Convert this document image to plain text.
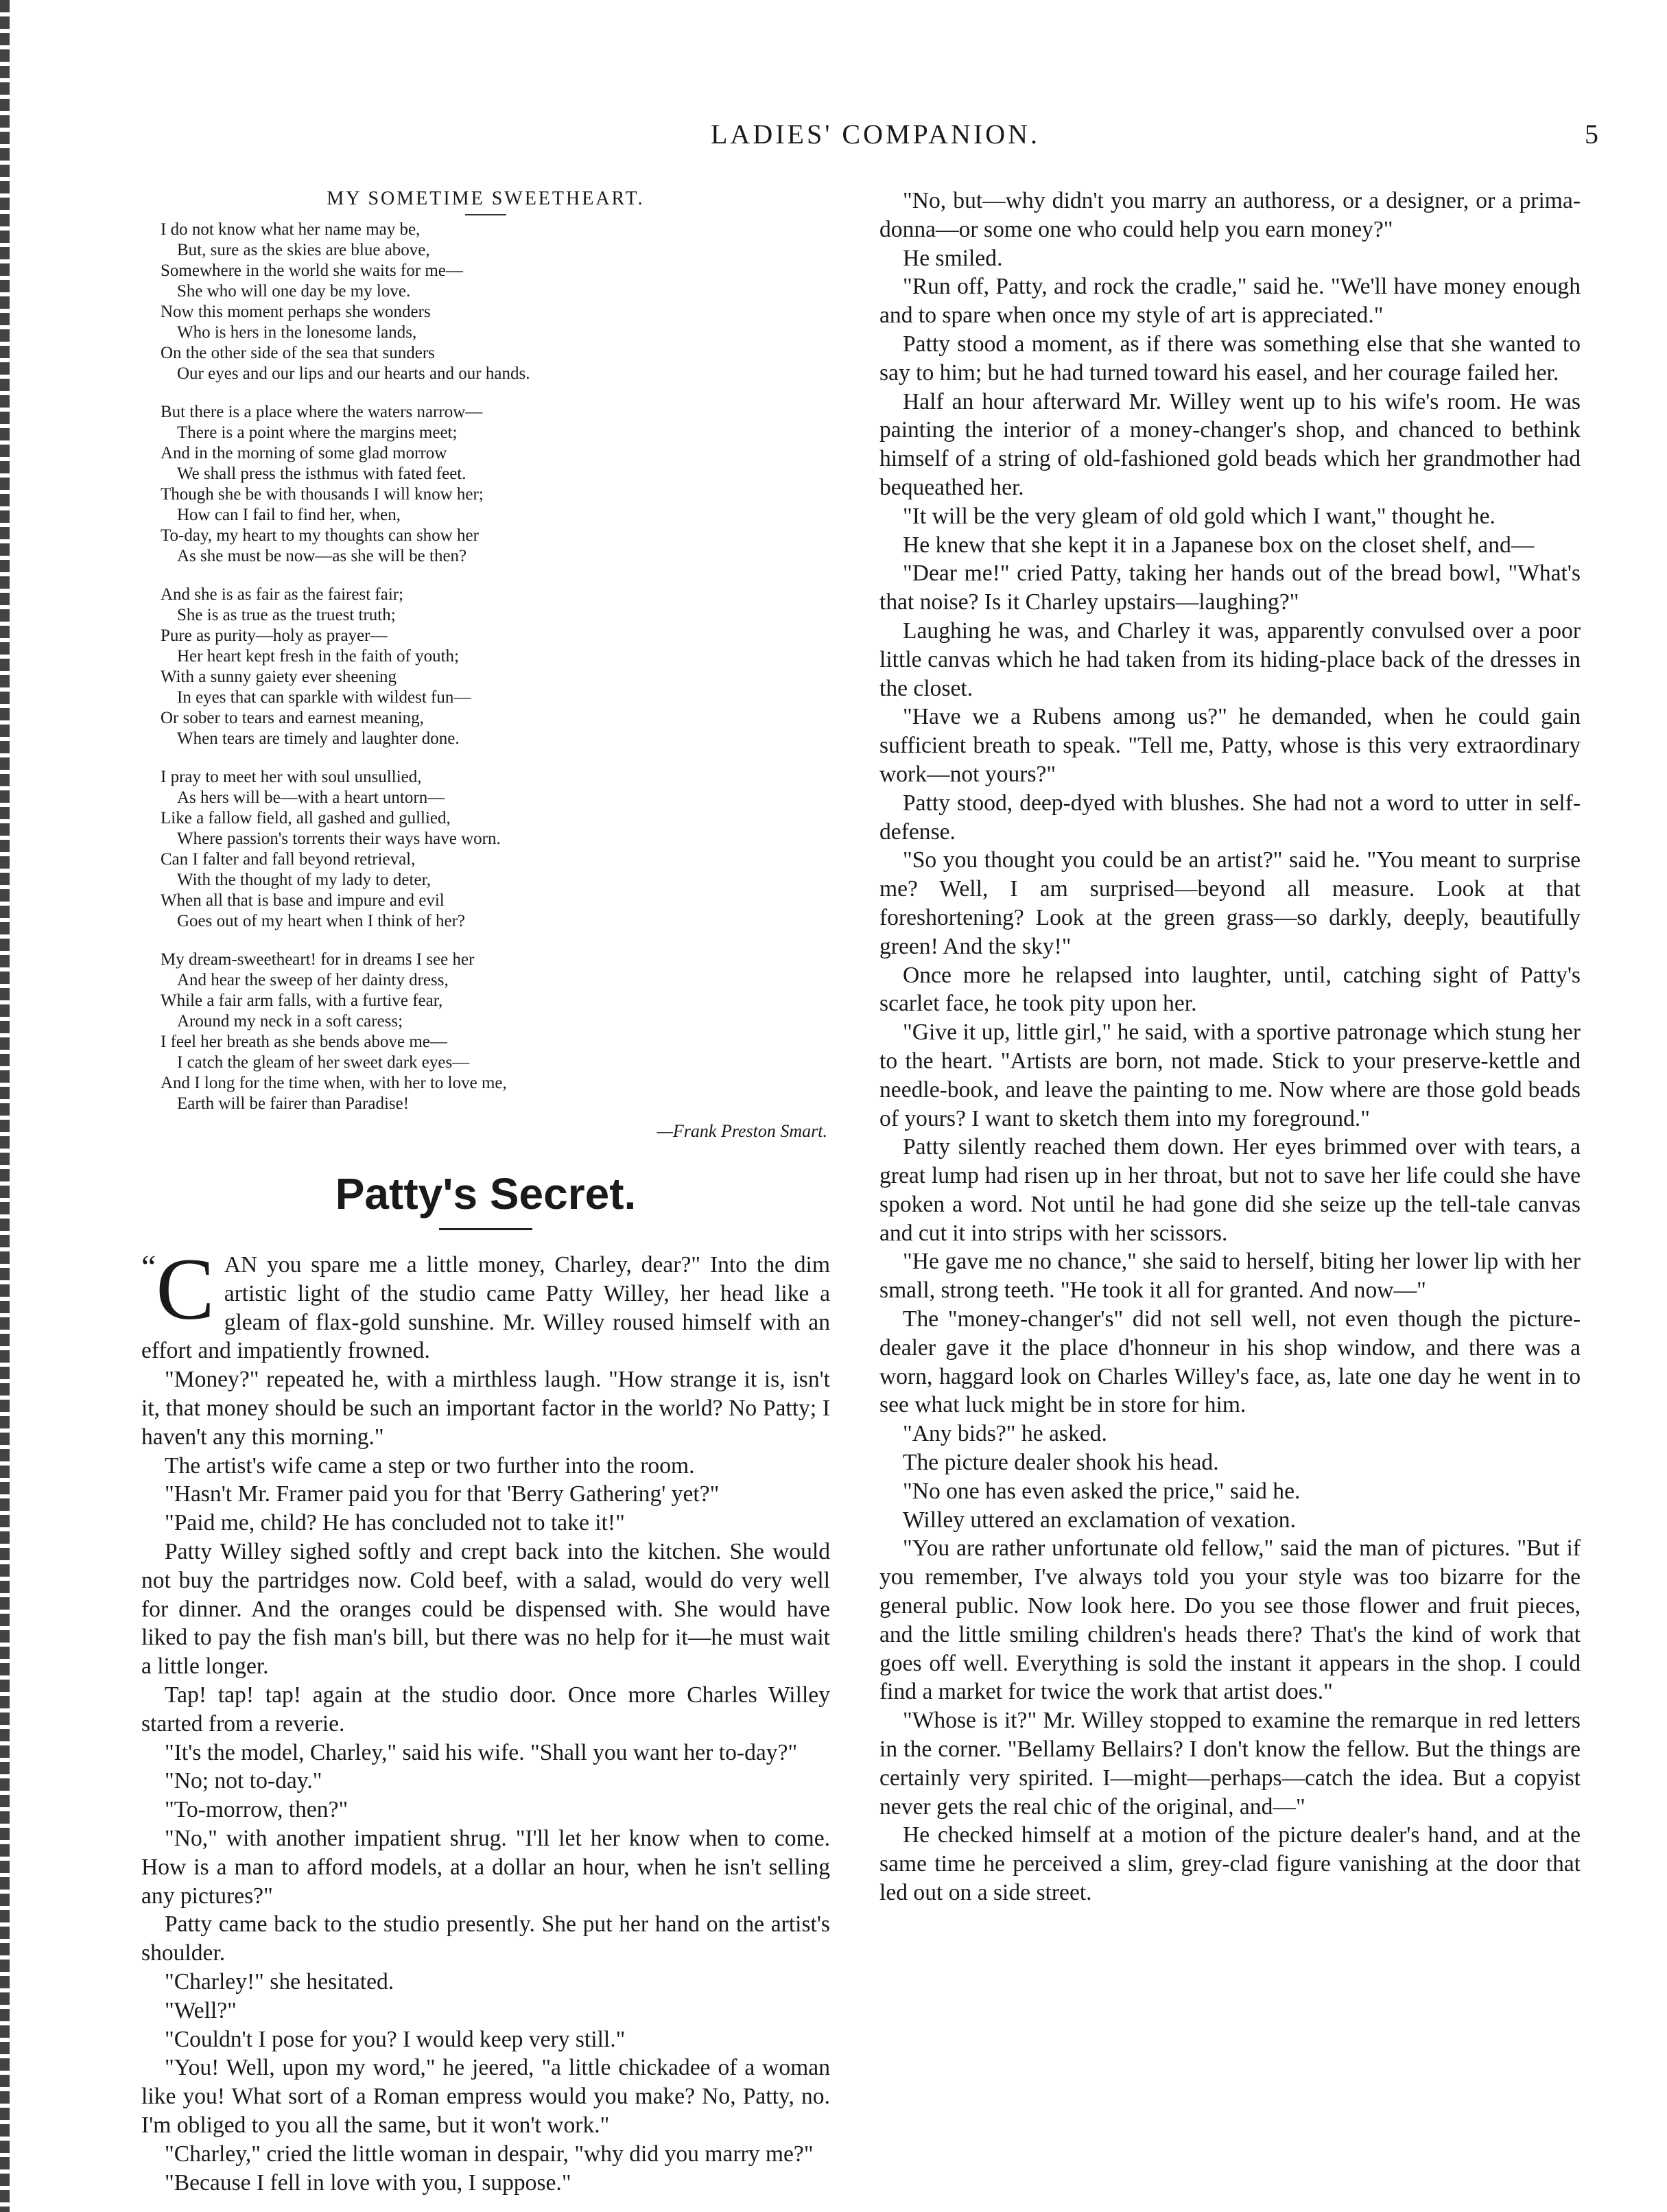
LADIES' COMPANION.	5
MY SOMETIME SWEETHEART.
I do not know what her name may be,
But, sure as the skies are blue above,
Somewhere in the world she waits for me—
She who will one day be my love.
Now this moment perhaps she wonders
Who is hers in the lonesome lands,
On the other side of the sea that sunders
Our eyes and our lips and our hearts and our hands.
But there is a place where the waters narrow—
There is a point where the margins meet;
And in the morning of some glad morrow
We shall press the isthmus with fated feet.
Though she be with thousands I will know her;
How can I fail to find her, when,
To-day, my heart to my thoughts can show her
As she must be now—as she will be then?
And she is as fair as the fairest fair;
She is as true as the truest truth;
Pure as purity—holy as prayer—
Her heart kept fresh in the faith of youth;
With a sunny gaiety ever sheening
In eyes that can sparkle with wildest fun—
Or sober to tears and earnest meaning,
When tears are timely and laughter done.
I pray to meet her with soul unsullied,
As hers will be—with a heart untorn—
Like a fallow field, all gashed and gullied,
Where passion's torrents their ways have worn.
Can I falter and fall beyond retrieval,
With the thought of my lady to deter,
When all that is base and impure and evil
Goes out of my heart when I think of her?
My dream-sweetheart! for in dreams I see her
And hear the sweep of her dainty dress,
While a fair arm falls, with a furtive fear,
Around my neck in a soft caress;
I feel her breath as she bends above me—
I catch the gleam of her sweet dark eyes—
And I long for the time when, with her to love me,
Earth will be fairer than Paradise!
—Frank Preston Smart.
Patty's Secret.

“ C AN you spare me a little money, Charley, dear?" Into the dim artistic light of the studio came Patty Willey, her head like a gleam of flax-gold sunshine. Mr. Willey roused himself with an effort and impatiently frowned.

"Money?" repeated he, with a mirthless laugh. "How strange it is, isn't it, that money should be such an important factor in the world? No Patty; I haven't any this morning."

The artist's wife came a step or two further into the room.

"Hasn't Mr. Framer paid you for that 'Berry Gathering' yet?"

"Paid me, child? He has concluded not to take it!"

Patty Willey sighed softly and crept back into the kitchen. She would not buy the partridges now. Cold beef, with a salad, would do very well for dinner. And the oranges could be dispensed with. She would have liked to pay the fish man's bill, but there was no help for it—he must wait a little longer.

Tap! tap! tap! again at the studio door. Once more Charles Willey started from a reverie.

"It's the model, Charley," said his wife. "Shall you want her to-day?"

"No; not to-day."

"To-morrow, then?"

"No," with another impatient shrug. "I'll let her know when to come. How is a man to afford models, at a dollar an hour, when he isn't selling any pictures?"

Patty came back to the studio presently. She put her hand on the artist's shoulder.

"Charley!" she hesitated.

"Well?"

"Couldn't I pose for you? I would keep very still."

"You! Well, upon my word," he jeered, "a little chickadee of a woman like you! What sort of a Roman empress would you make? No, Patty, no. I'm obliged to you all the same, but it won't work."

"Charley," cried the little woman in despair, "why did you marry me?"

"Because I fell in love with you, I suppose."

"No, but—why didn't you marry an authoress, or a designer, or a prima-donna—or some one who could help you earn money?"

He smiled.

"Run off, Patty, and rock the cradle," said he. "We'll have money enough and to spare when once my style of art is appreciated."

Patty stood a moment, as if there was something else that she wanted to say to him; but he had turned toward his easel, and her courage failed her.

Half an hour afterward Mr. Willey went up to his wife's room. He was painting the interior of a money-changer's shop, and chanced to bethink himself of a string of old-fashioned gold beads which her grandmother had bequeathed her.

"It will be the very gleam of old gold which I want," thought he.

He knew that she kept it in a Japanese box on the closet shelf, and—

"Dear me!" cried Patty, taking her hands out of the bread bowl, "What's that noise? Is it Charley upstairs—laughing?"

Laughing he was, and Charley it was, apparently convulsed over a poor little canvas which he had taken from its hiding-place back of the dresses in the closet.

"Have we a Rubens among us?" he demanded, when he could gain sufficient breath to speak. "Tell me, Patty, whose is this very extraordinary work—not yours?"

Patty stood, deep-dyed with blushes. She had not a word to utter in self-defense.

"So you thought you could be an artist?" said he. "You meant to surprise me? Well, I am surprised—beyond all measure. Look at that foreshortening? Look at the green grass—so darkly, deeply, beautifully green! And the sky!"

Once more he relapsed into laughter, until, catching sight of Patty's scarlet face, he took pity upon her.

"Give it up, little girl," he said, with a sportive patronage which stung her to the heart. "Artists are born, not made. Stick to your preserve-kettle and needle-book, and leave the painting to me. Now where are those gold beads of yours? I want to sketch them into my foreground."

Patty silently reached them down. Her eyes brimmed over with tears, a great lump had risen up in her throat, but not to save her life could she have spoken a word. Not until he had gone did she seize up the tell-tale canvas and cut it into strips with her scissors.

"He gave me no chance," she said to herself, biting her lower lip with her small, strong teeth. "He took it all for granted. And now—"

The "money-changer's" did not sell well, not even though the picture-dealer gave it the place d'honneur in his shop window, and there was a worn, haggard look on Charles Willey's face, as, late one day he went in to see what luck might be in store for him.

"Any bids?" he asked.

The picture dealer shook his head.

"No one has even asked the price," said he.

Willey uttered an exclamation of vexation.

"You are rather unfortunate old fellow," said the man of pictures. "But if you remember, I've always told you your style was too bizarre for the general public. Now look here. Do you see those flower and fruit pieces, and the little smiling children's heads there? That's the kind of work that goes off well. Everything is sold the instant it appears in the shop. I could find a market for twice the work that artist does."

"Whose is it?" Mr. Willey stopped to examine the remarque in red letters in the corner. "Bellamy Bellairs? I don't know the fellow. But the things are certainly very spirited. I—might—perhaps—catch the idea. But a copyist never gets the real chic of the original, and—"

He checked himself at a motion of the picture dealer's hand, and at the same time he perceived a slim, grey-clad figure vanishing at the door that led out on a side street.
